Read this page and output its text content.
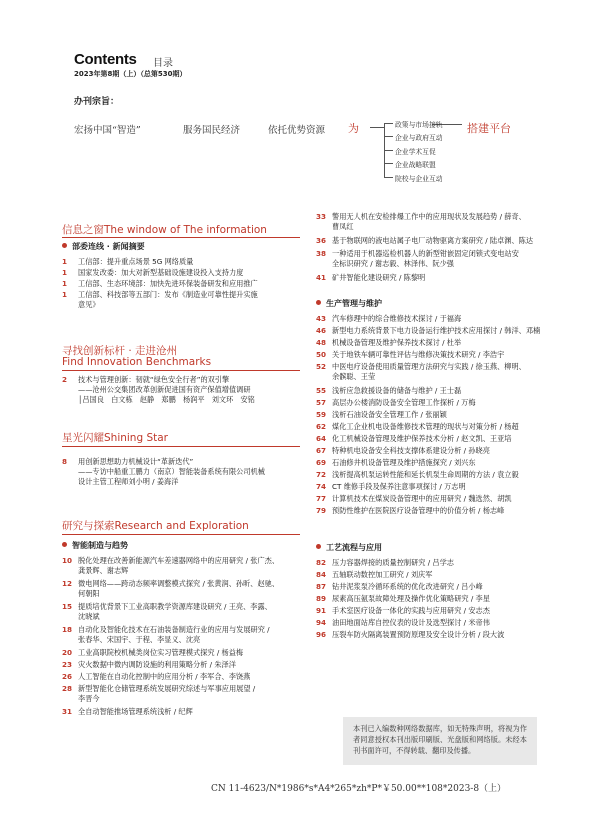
Contents 目录
2023年第8期（上）（总第530期）
办刊宗旨：
宏扬中国“智造”	服务国民经济	依托优势资源 为	搭建平台
政策与市场接轨
企业与政府互动
企业学术互促
企业战略联盟
院校与企业互动
信息之窗The window of The information
部委连线 · 新闻摘要
1 工信部：提升重点场景 5G 网络质量
1 国家发改委：加大对新型基础设施建设投入支持力度
1 工信部、生态环境部：加快先进环保装备研发和应用推广
1 工信部、科技部等五部门：发布《制造业可靠性提升实施
意见》
寻找创新标杆 · 走进沧州
Find Innovation Benchmarks
2 技术与管理创新：韧就“绿色安全行者”的双引擎
——沧州公交集团改革创新促进国有资产保值增值调研
│吕国良　白文栋　赵静　郑鹏　杨润平　刘文环　安铭
星光闪耀Shining Star
8 用创新思想助力机械设计“革新迭代”
——专访中船重工鹏力（南京）智能装备系统有限公司机械
设计主管工程师刘小明 / 姜海洋
研究与探索Research and Exploration
智能制造与趋势
10 脱化处理在改善新能源汽车差速器网络中的应用研究 / 张广杰、
龚景辉、谢志辉
12 微电网络——跨动态频率调整模式探究 / 张黄润、孙昕、赵驰、
何朝阳
15 提质培优背景下工业高职教学资源库建设研究 / 王亮、李露、
沈晓斌
18 自动化及智能化技术在石油装备制造行业的应用与发展研究 /
张春华、宋国宇、于程、李显义、沈亮
20 工业高职院校机械类岗位实习管理模式探究 / 杨益梅
23 灾火数据中微内调防设施的利用策略分析 / 朱泽洋
26 人工智能在自动化控制中的应用分析 / 李军合、李饶燕
28 新型智能化仓储管理系统发展研究综述与军事应用展望 /
李晋今
31 全自动智能推场管理系统浅析 / 纪辉
33 警用无人机在安检排爆工作中的应用现状及发展趋势 / 薛奇、
曹凤红
36 基于物联网的液电站属子电厂动物驱离方案研究 / 陆卓渊、陈达
38 一种适用于机器巡检机器人的新型钳嵌固定闭锁式变电站安
全标识研究 / 谢志毅、林泽伟、阮少强
41 矿井智能化建设研究 / 陈黎明
生产管理与维护
43 汽车修理中的综合维修技术探讨 / 于福海
46 新型电力系统背景下电力设备运行维护技术应用探讨 / 韩洋、邓楠
48 机械设备管理及维护保养技术探讨 / 杜举
50 关于地铁车辆可靠性评估与维修决策技术研究 / 李浩宇
52 中医电疗设备使用质量管理方法研究与实践 / 徐玉燕、柳明、
余髌聪、王莹
55 浅析应急救援设备的储备与维护 / 王士磊
57 高层办公楼消防设备安全管理工作探析 / 万梅
59 浅析石油设备安全管理工作 / 张丽颖
62 煤化工企业机电设备维修技术管理的现状与对策分析 / 杨超
64 化工机械设备管理及维护保养技术分析 / 赵文凯、王亚培
67 特种机电设备安全科技支撑体系建设分析 / 孙晓亮
69 石油修井机设备管理及维护措施探究 / 刘兴东
72 浅析提高机泵运转性能和延长机泵生命周期的方法 / 袁立毅
74 CT 维修手段及保养注意事项探讨 / 万志明
77 计算机技术在煤炭设备管理中的应用研究 / 魏选然、胡凯
79 预防性维护在医院医疗设备管理中的价值分析 / 杨志峰
工艺流程与应用
82 压力容器焊接的质量控制研究 / 吕学志
84 五轴联动数控加工研究 / 刘庆军
87 钻井泥浆泵冷循环系统的优化改进研究 / 吕小峰
89 尿素高压氨泵故障处理及操作优化策略研究 / 李星
91 手术室医疗设备一体化的实践与应用研究 / 安志杰
94 油田地面站库自控仪表的设计及选型探讨 / 米帝伟
96 压裂车防火隔离装置预防原理及安全设计分析 / 段大波
本刊已入编数种网络数据库，如无特殊声明，将视为作者同意授权本刊出版印刷版、光盘版和网络版。未经本刊书面许可，不得转载、翻印及传播。
CN 11-4623/N*1986*s*A4*265*zh*P*￥50.00**108*2023-8（上）
